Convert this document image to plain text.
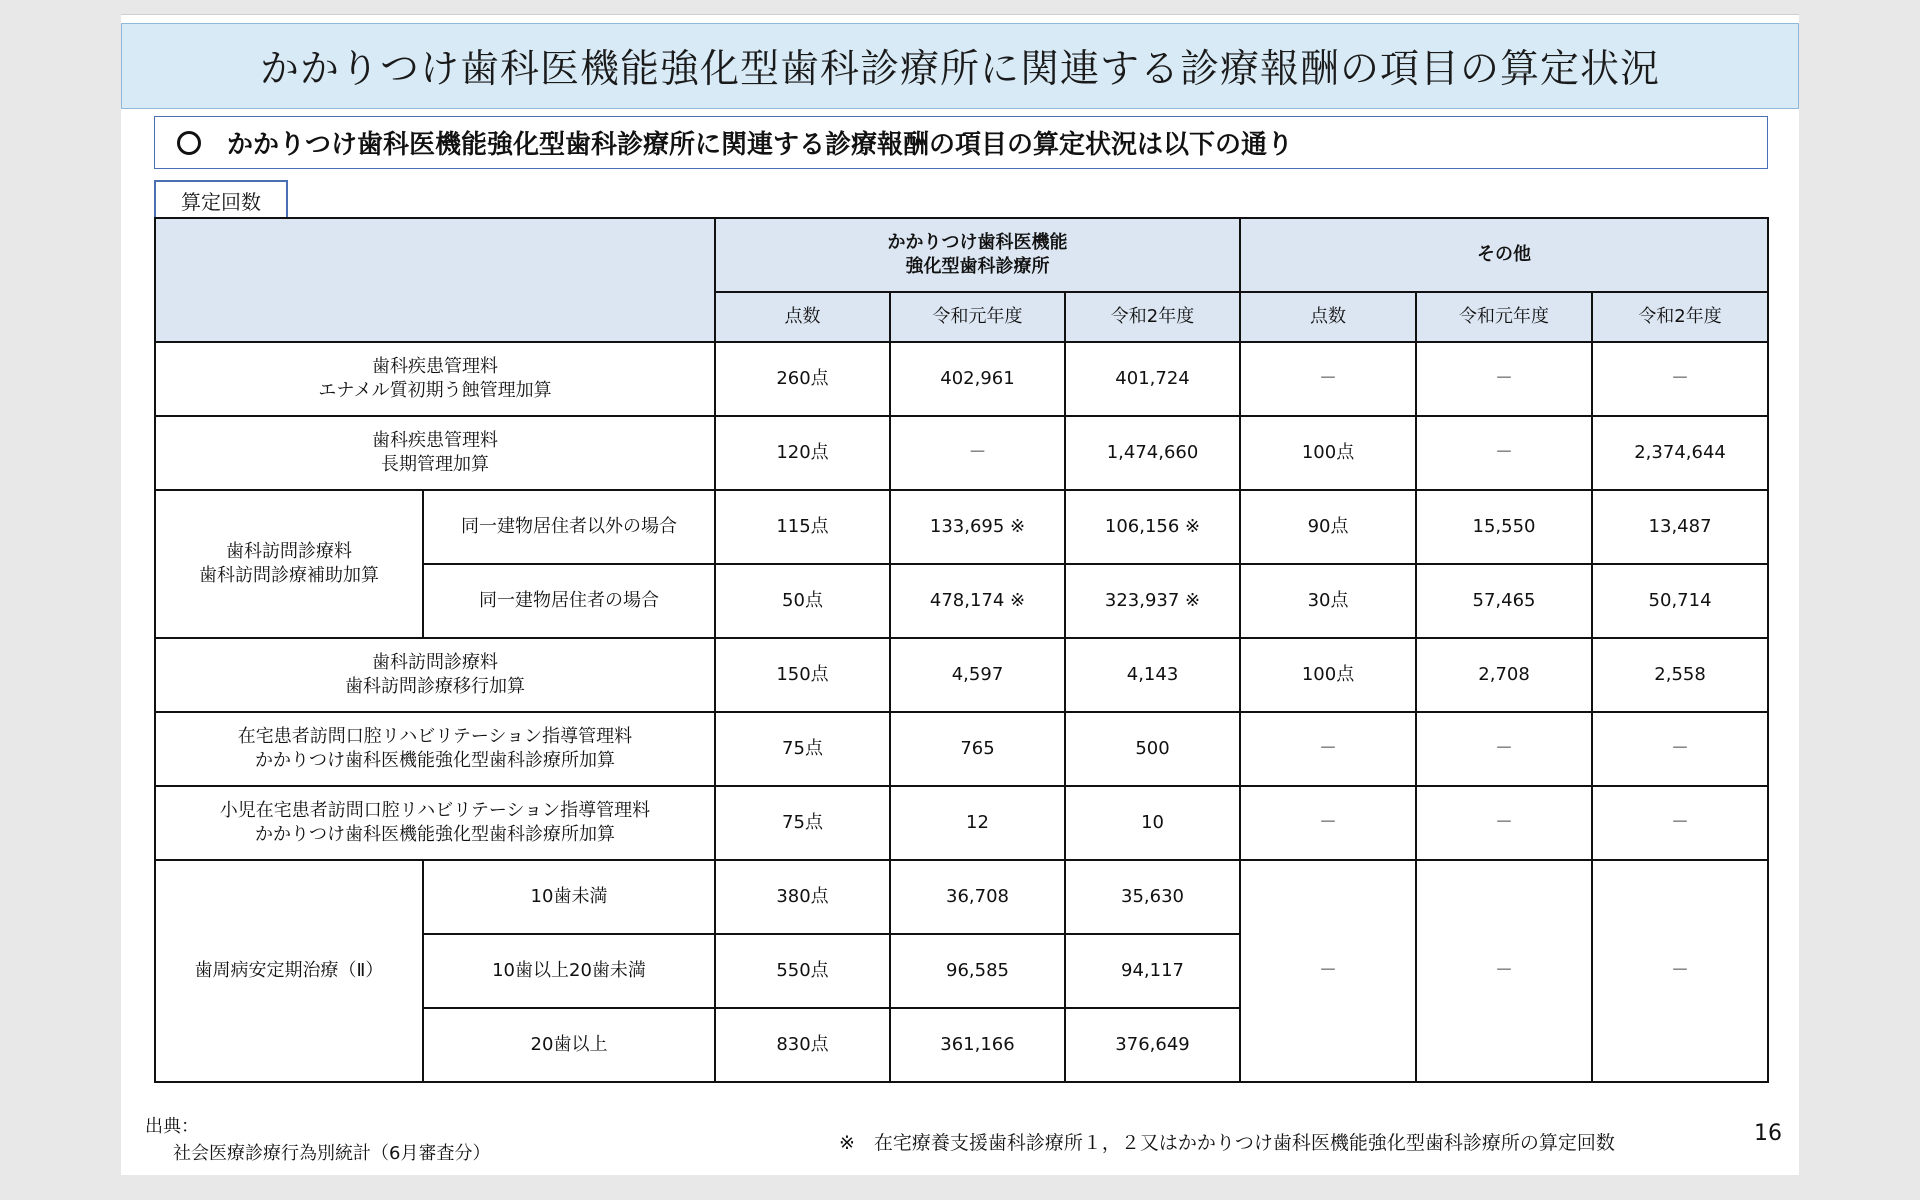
かかりつけ歯科医機能強化型歯科診療所に関連する診療報酬の項目の算定状況
かかりつけ歯科医機能強化型歯科診療所に関連する診療報酬の項目の算定状況は以下の通り
算定回数

		かかりつけ歯科医機能
強化型歯科診療所			その他		
		点数	令和元年度	令和2年度	点数	令和元年度	令和2年度

歯科疾患管理料
エナメル質初期う蝕管理加算		260点	402,961	401,724	－	－	－

歯科疾患管理料
長期管理加算		120点	－	1,474,660	100点	－	2,374,644

歯科訪問診療料
歯科訪問診療補助加算	同一建物居住者以外の場合	115点	133,695 ※	106,156 ※	90点	15,550	13,487
	同一建物居住者の場合	50点	478,174 ※	323,937 ※	30点	57,465	50,714

歯科訪問診療料
歯科訪問診療移行加算		150点	4,597	4,143	100点	2,708	2,558

在宅患者訪問口腔リハビリテーション指導管理料
かかりつけ歯科医機能強化型歯科診療所加算		75点	765	500	－	－	－

小児在宅患者訪問口腔リハビリテーション指導管理料
かかりつけ歯科医機能強化型歯科診療所加算		75点	12	10	－	－	－
歯周病安定期治療（Ⅱ）	10歯未満	380点	36,708	35,630	－	－	－
	10歯以上20歯未満	550点	96,585	94,117			
	20歯以上	830点	361,166	376,649			
出典：
社会医療診療行為別統計（6月審査分）	※　在宅療養支援歯科診療所１，２又はかかりつけ歯科医機能強化型歯科診療所の算定回数	16
